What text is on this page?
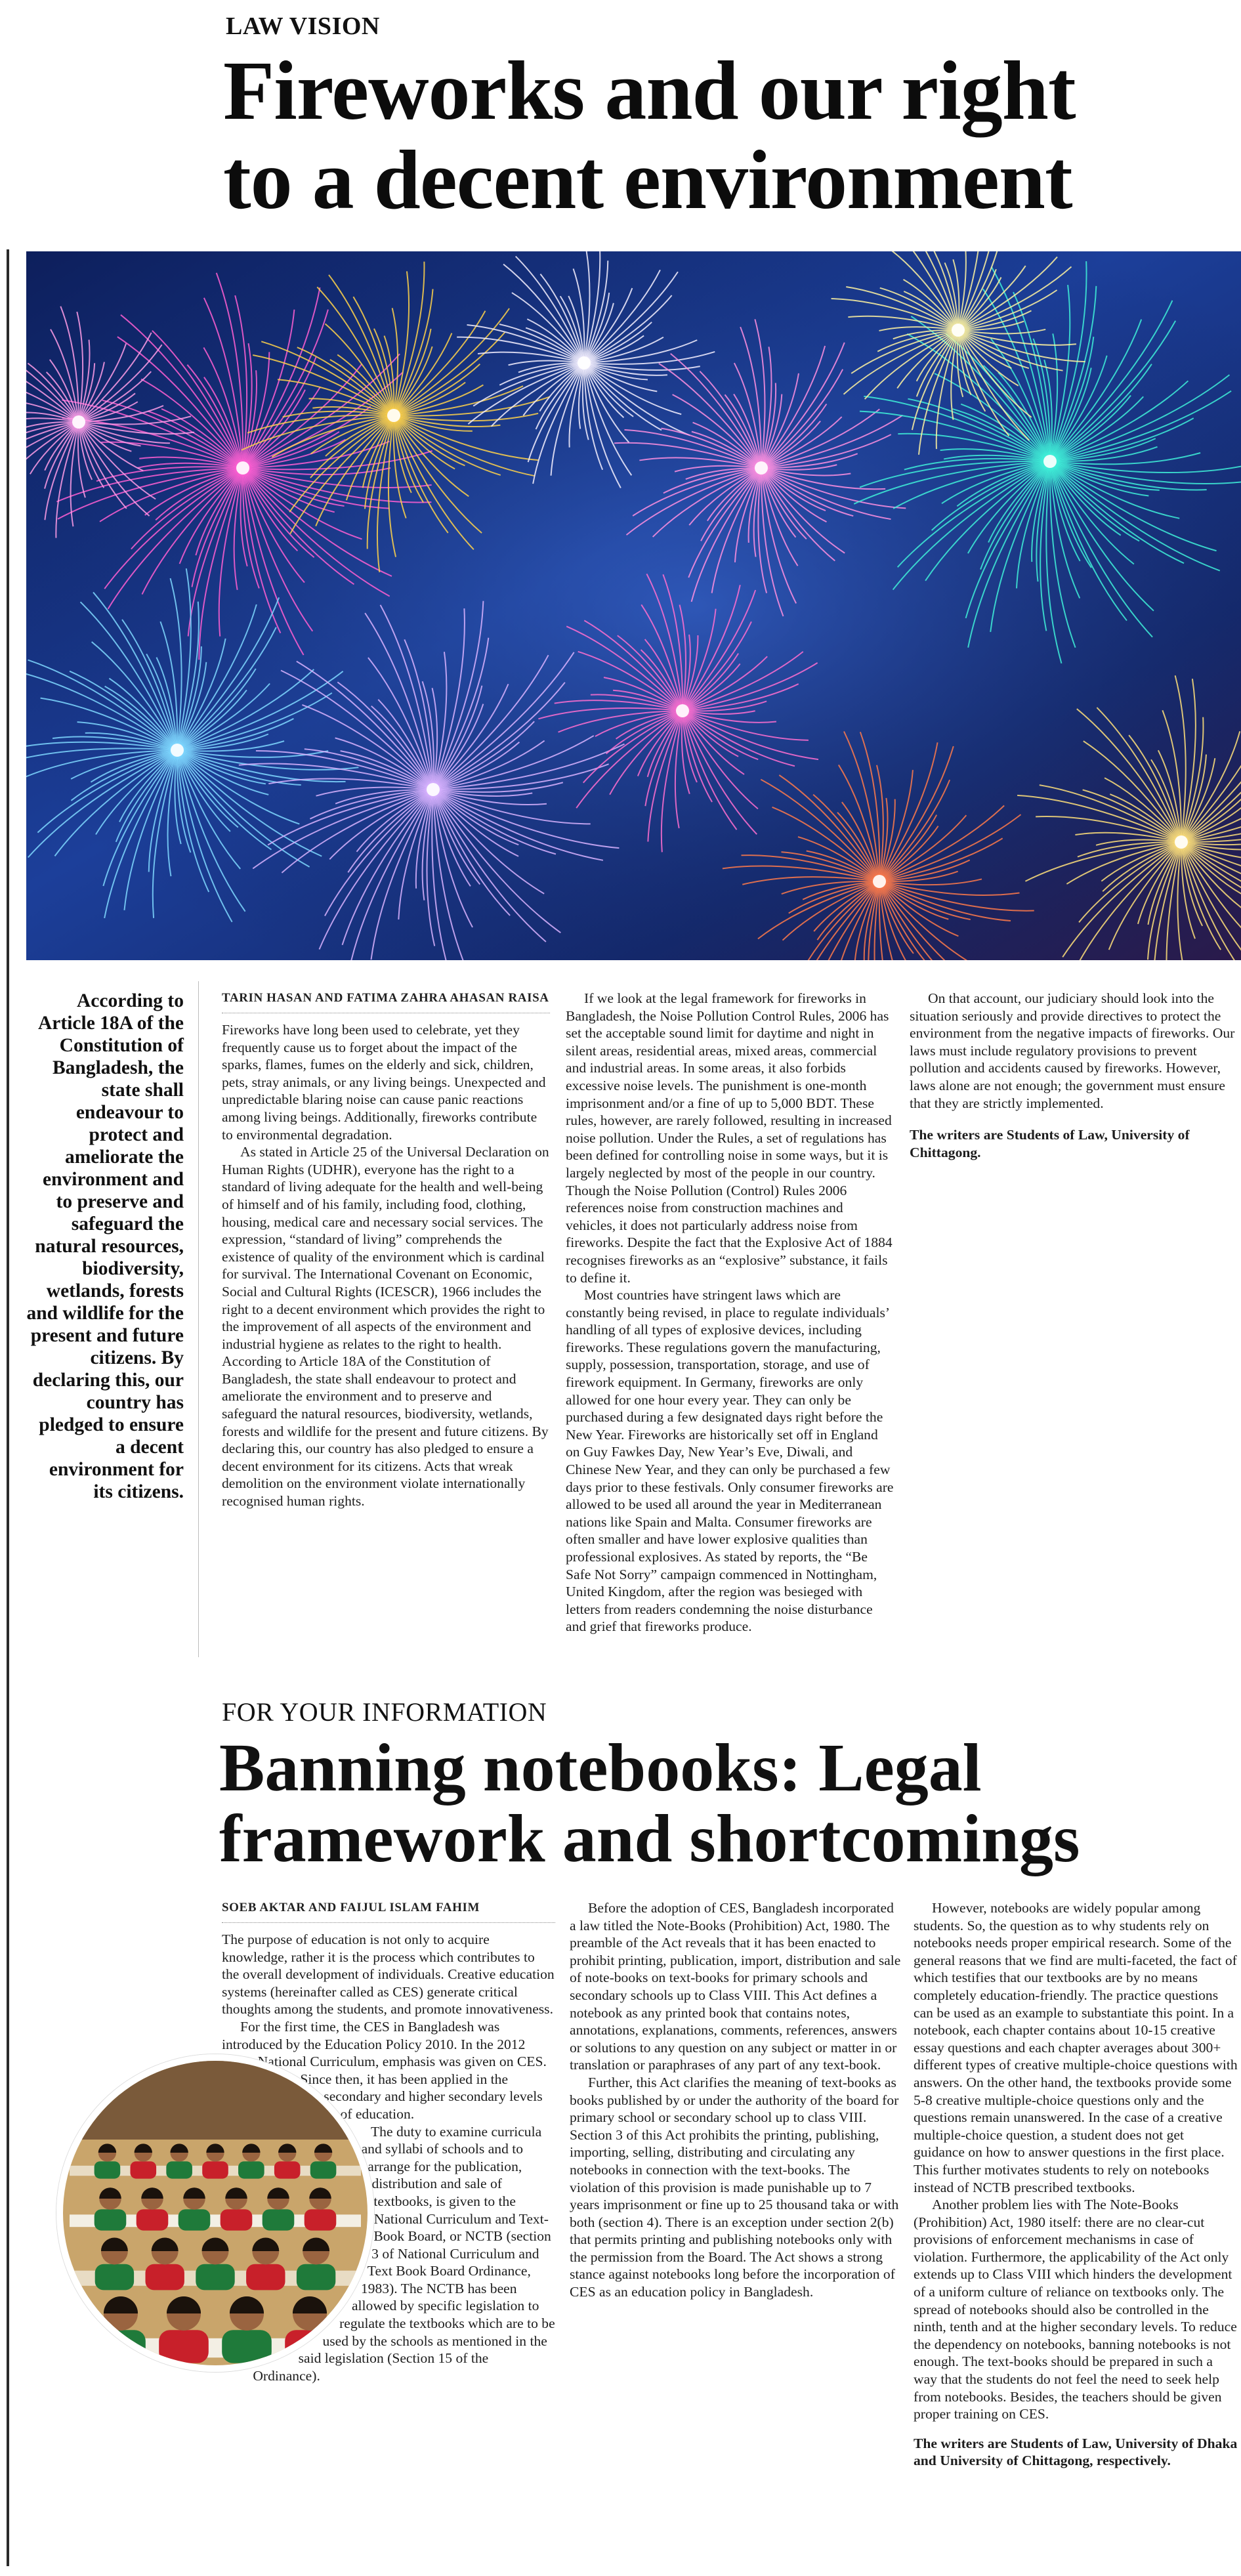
LAW VISION
Fireworks and our right
to a decent environment
According to Article 18A of the Constitution of Bangladesh, the state shall endeavour to protect and ameliorate the environment and to preserve and safeguard the natural resources, biodiversity, wetlands, forests and wildlife for the present and future citizens. By declaring this, our country has pledged to ensure a decent environment for its citizens.
TARIN HASAN AND FATIMA ZAHRA AHASAN RAISA

Fireworks have long been used to celebrate, yet they frequently cause us to forget about the impact of the sparks, flames, fumes on the elderly and sick, children, pets, stray animals, or any living beings. Unexpected and unpredictable blaring noise can cause panic reactions among living beings. Additionally, fireworks contribute to environmental degradation.

As stated in Article 25 of the Universal Declaration on Human Rights (UDHR), everyone has the right to a standard of living adequate for the health and well-being of himself and of his family, including food, clothing, housing, medical care and necessary social services. The expression, “standard of living” comprehends the existence of quality of the environment which is cardinal for survival. The International Covenant on Economic, Social and Cultural Rights (ICESCR), 1966 includes the right to a decent environment which provides the right to the improvement of all aspects of the environment and industrial hygiene as relates to the right to health. According to Article 18A of the Constitution of Bangladesh, the state shall endeavour to protect and ameliorate the environment and to preserve and safeguard the natural resources, biodiversity, wetlands, forests and wildlife for the present and future citizens. By declaring this, our country has also pledged to ensure a decent environment for its citizens. Acts that wreak demolition on the environment violate internationally recognised human rights.

If we look at the legal framework for fireworks in Bangladesh, the Noise Pollution Control Rules, 2006 has set the acceptable sound limit for daytime and night in silent areas, residential areas, mixed areas, commercial and industrial areas. In some areas, it also forbids excessive noise levels. The punishment is one-month imprisonment and/or a fine of up to 5,000 BDT. These rules, however, are rarely followed, resulting in increased noise pollution. Under the Rules, a set of regulations has been defined for controlling noise in some ways, but it is largely neglected by most of the people in our country. Though the Noise Pollution (Control) Rules 2006 references noise from construction machines and vehicles, it does not particularly address noise from fireworks. Despite the fact that the Explosive Act of 1884 recognises fireworks as an “explosive” substance, it fails to define it.

Most countries have stringent laws which are constantly being revised, in place to regulate individuals’ handling of all types of explosive devices, including fireworks. These regulations govern the manufacturing, supply, possession, transportation, storage, and use of firework equipment. In Germany, fireworks are only allowed for one hour every year. They can only be purchased during a few designated days right before the New Year. Fireworks are historically set off in England on Guy Fawkes Day, New Year’s Eve, Diwali, and Chinese New Year, and they can only be purchased a few days prior to these festivals. Only consumer fireworks are allowed to be used all around the year in Mediterranean nations like Spain and Malta. Consumer fireworks are often smaller and have lower explosive qualities than professional explosives. As stated by reports, the “Be Safe Not Sorry” campaign commenced in Nottingham, United Kingdom, after the region was besieged with letters from readers condemning the noise disturbance and grief that fireworks produce.

On that account, our judiciary should look into the situation seriously and provide directives to protect the environment from the negative impacts of fireworks. Our laws must include regulatory provisions to prevent pollution and accidents caused by fireworks. However, laws alone are not enough; the government must ensure that they are strictly implemented.

The writers are Students of Law, University of Chittagong.

FOR YOUR INFORMATION
Banning notebooks: Legal
framework and shortcomings
SOEB AKTAR AND FAIJUL ISLAM FAHIM

The purpose of education is not only to acquire knowledge, rather it is the process which contributes to the overall development of individuals. Creative education systems (hereinafter called as CES) generate critical thoughts among the students, and promote innovativeness.

For the first time, the CES in Bangladesh was introduced by the Education Policy 2010. In the 2012 National Curriculum, emphasis was given on CES. Since then, it has been applied in the secondary and higher secondary levels of education.

The duty to examine curricula and syllabi of schools and to arrange for the publication, distribution and sale of textbooks, is given to the National Curriculum and Text-Book Board, or NCTB (section 3 of National Curriculum and Text Book Board Ordinance, 1983). The NCTB has been allowed by specific legislation to regulate the textbooks which are to be used by the schools as mentioned in the said legislation (Section 15 of the Ordinance).

Before the adoption of CES, Bangladesh incorporated a law titled the Note-Books (Prohibition) Act, 1980. The preamble of the Act reveals that it has been enacted to prohibit printing, publication, import, distribution and sale of note-books on text-books for primary schools and secondary schools up to Class VIII. This Act defines a notebook as any printed book that contains notes, annotations, explanations, comments, references, answers or solutions to any question on any subject or matter in or translation or paraphrases of any part of any text-book.

Further, this Act clarifies the meaning of text-books as books published by or under the authority of the board for primary school or secondary school up to class VIII. Section 3 of this Act prohibits the printing, publishing, importing, selling, distributing and circulating any notebooks in connection with the text-books. The violation of this provision is made punishable up to 7 years imprisonment or fine up to 25 thousand taka or with both (section 4). There is an exception under section 2(b) that permits printing and publishing notebooks only with the permission from the Board. The Act shows a strong stance against notebooks long before the incorporation of CES as an education policy in Bangladesh.

However, notebooks are widely popular among students. So, the question as to why students rely on notebooks needs proper empirical research. Some of the general reasons that we find are multi-faceted, the fact of which testifies that our textbooks are by no means completely education-friendly. The practice questions can be used as an example to substantiate this point. In a notebook, each chapter contains about 10-15 creative essay questions and each chapter averages about 300+ different types of creative multiple-choice questions with answers. On the other hand, the textbooks provide some 5-8 creative multiple-choice questions only and the questions remain unanswered. In the case of a creative multiple-choice question, a student does not get guidance on how to answer questions in the first place. This further motivates students to rely on notebooks instead of NCTB prescribed textbooks.

Another problem lies with The Note-Books (Prohibition) Act, 1980 itself: there are no clear-cut provisions of enforcement mechanisms in case of violation. Furthermore, the applicability of the Act only extends up to Class VIII which hinders the development of a uniform culture of reliance on textbooks only. The spread of notebooks should also be controlled in the ninth, tenth and at the higher secondary levels. To reduce the dependency on notebooks, banning notebooks is not enough. The text-books should be prepared in such a way that the students do not feel the need to seek help from notebooks. Besides, the teachers should be given proper training on CES.

The writers are Students of Law, University of Dhaka and University of Chittagong, respectively.
